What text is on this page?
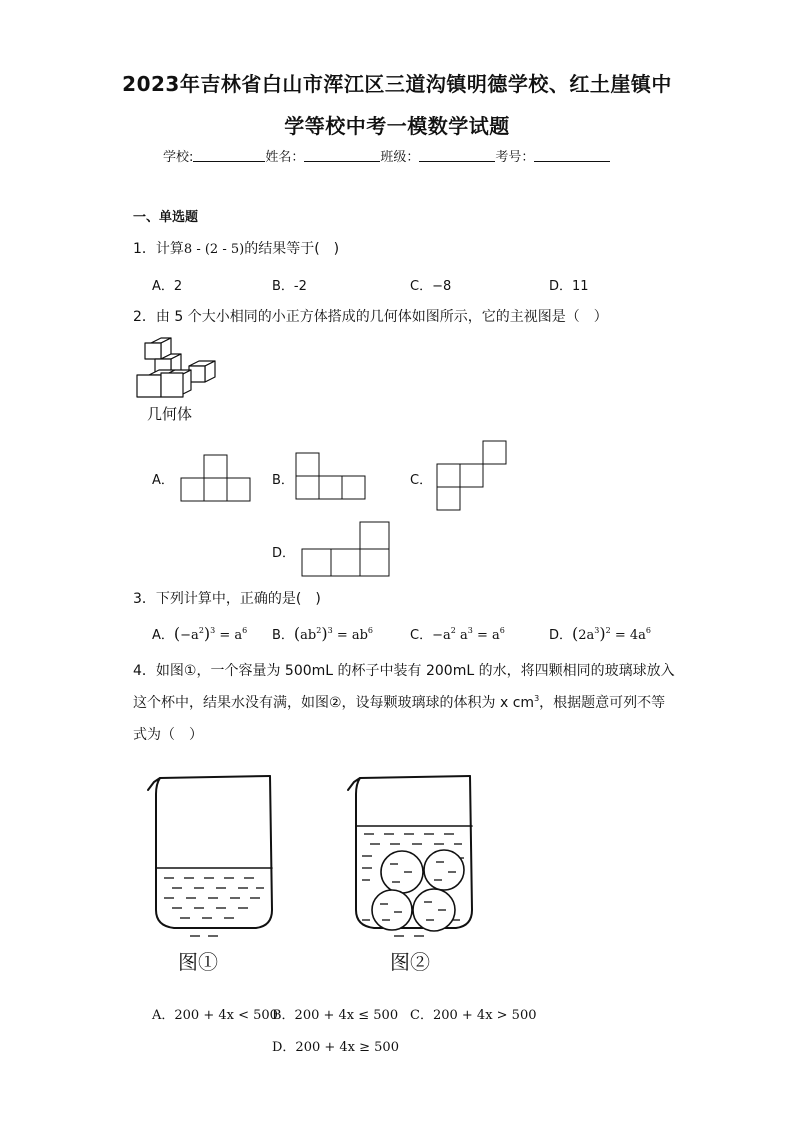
2023年吉林省白山市浑江区三道沟镇明德学校、红土崖镇中
学等校中考一模数学试题
学校:	姓名：	班级：	考号：
一、单选题
1．计算8 - (2 - 5)的结果等于(　)
A．2	B．-2	C．−8	D．11
2．由 5 个大小相同的小正方体搭成的几何体如图所示，它的主视图是（　）
几何体
A．	B．	C．
D．
3．下列计算中，正确的是(　)
A．$(-a^2)^3 = a^6$ B．$(ab^2)^3 = ab^6$	C．$-a^2$ $a^3 = a^6$	D．$(2a^3)^2 = 4a^6$
4．如图①，一个容量为 500mL 的杯子中装有 200mL 的水，将四颗相同的玻璃球放入
这个杯中，结果水没有满，如图②，设每颗玻璃球的体积为 x $cm^3$，根据题意可列不等
式为（　）
图①	图②
A．200 + 4x < 500
B．200 + 4x ≤ 500 C．200 + 4x > 500
D．200 + 4x ≥ 500
